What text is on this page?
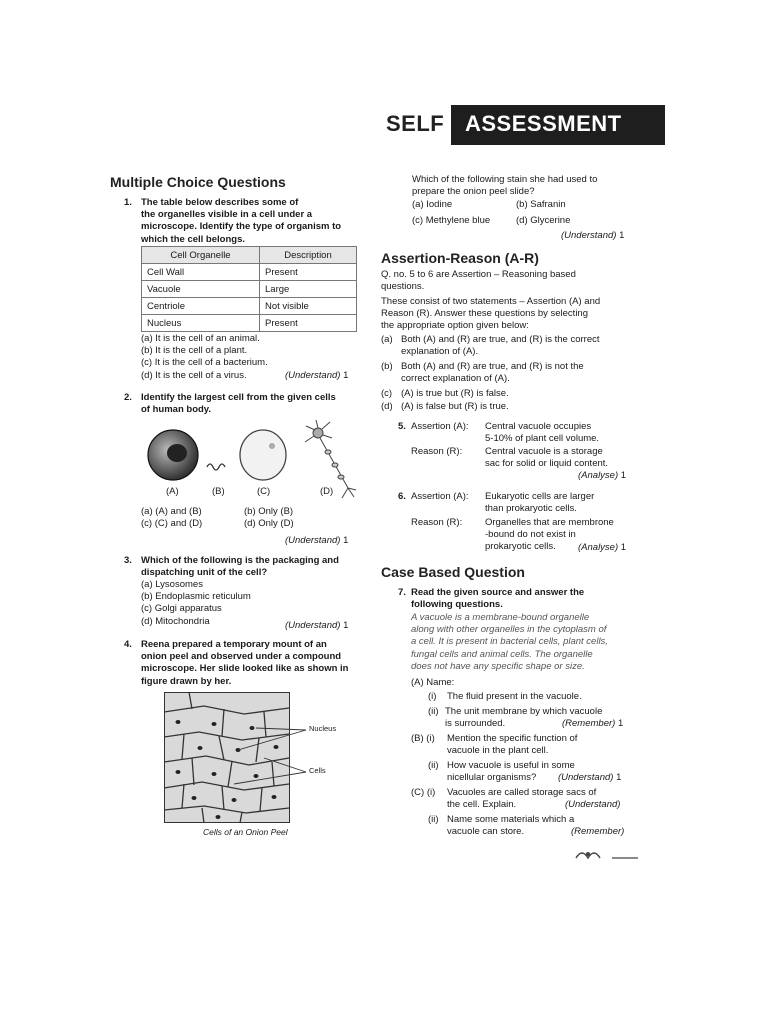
SELF ASSESSMENT
Multiple Choice Questions
1. The table below describes some of
the organelles visible in a cell under a
microscope. Identify the type of organism to
which the cell belongs.
Cell Organelle	Description
Cell Wall	Present
Vacuole	Large
Centriole	Not visible
Nucleus	Present
(a) It is the cell of an animal.
(b) It is the cell of a plant.
(c) It is the cell of a bacterium.
(d) It is the cell of a virus.	(Understand) 1
2. Identify the largest cell from the given cells
of human body.
(A)	(B)	(C)	(D)
(a) (A) and (B)	(b) Only (B)
(c) (C) and (D)	(d) Only (D)
(Understand) 1
3. Which of the following is the packaging and
dispatching unit of the cell?
(a) Lysosomes
(b) Endoplasmic reticulum
(c) Golgi apparatus
(d) Mitochondria	(Understand) 1
4. Reena prepared a temporary mount of an
onion peel and observed under a compound
microscope. Her slide looked like as shown in
figure drawn by her.
Nucleus
Cells
Cells of an Onion Peel
Which of the following stain she had used to
prepare the onion peel slide?
(a) Iodine	(b) Safranin
(c) Methylene blue	(d) Glycerine
(Understand) 1
Assertion-Reason (A-R)
Q. no. 5 to 6 are Assertion – Reasoning based
questions.
These consist of two statements – Assertion (A) and
Reason (R). Answer these questions by selecting
the appropriate option given below:
(a) Both (A) and (R) are true, and (R) is the correct
explanation of (A).
(b) Both (A) and (R) are true, and (R) is not the
correct explanation of (A).
(c) (A) is true but (R) is false.
(d) (A) is false but (R) is true.
5. Assertion (A): Central vacuole occupies
5-10% of plant cell volume.
Reason (R): Central vacuole is a storage
sac for solid or liquid content.
(Analyse) 1
6. Assertion (A): Eukaryotic cells are larger
than prokaryotic cells.
Reason (R): Organelles that are membrone
-bound do not exist in
prokaryotic cells.	(Analyse) 1
Case Based Question
7. Read the given source and answer the
following questions.
A vacuole is a membrane-bound organelle
along with other organelles in the cytoplasm of
a cell. It is present in bacterial cells, plant cells,
fungal cells and animal cells. The organelle
does not have any specific shape or size.
(A) Name:
(i) The fluid present in the vacuole.
(ii) The unit membrane by which vacuole
is surrounded.	(Remember) 1
(B) (i) Mention the specific function of
vacuole in the plant cell.
(ii) How vacuole is useful in some
nicellular organisms?	(Understand) 1
(C) (i) Vacuoles are called storage sacs of
the cell. Explain.	(Understand)
(ii) Name some materials which a
vacuole can store.	(Remember)
